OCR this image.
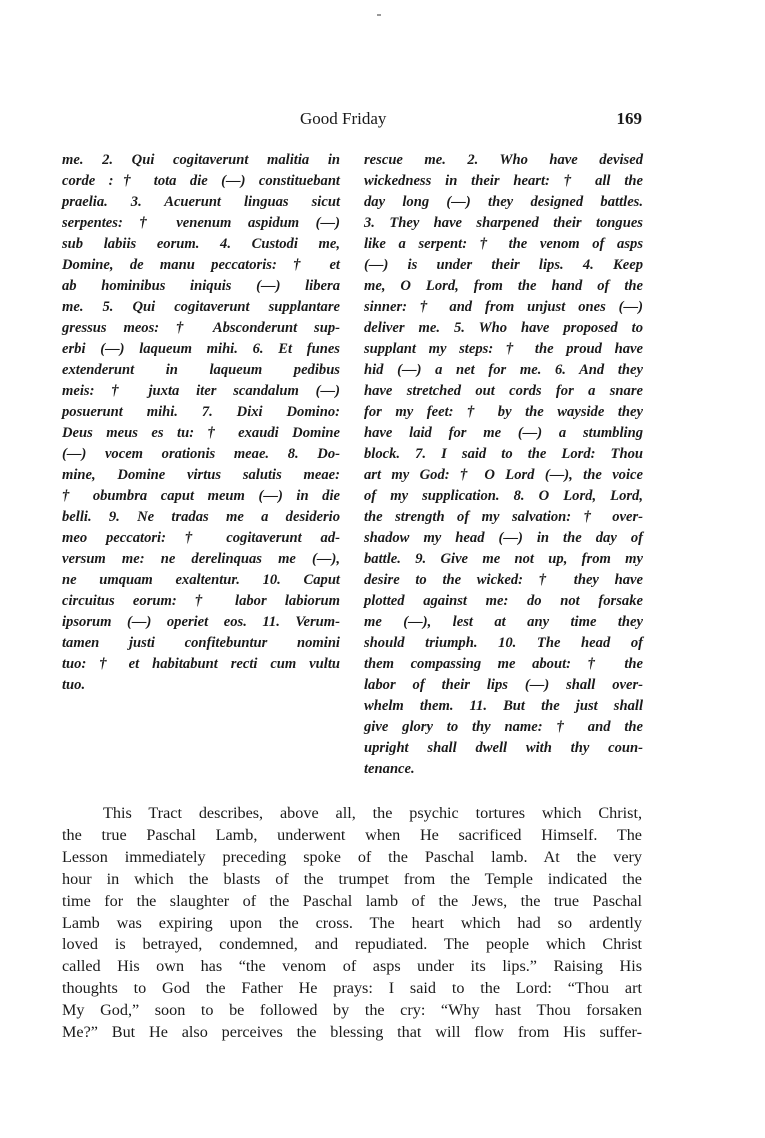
Good Friday	169
me. 2. Qui cogitaverunt malitia in
corde :† tota die (—) constituebant
praelia. 3. Acuerunt linguas sicut
serpentes: † venenum aspidum (—)
sub labiis eorum. 4. Custodi me,
Domine, de manu peccatoris: † et
ab hominibus iniquis (—) libera
me. 5. Qui cogitaverunt supplantare
gressus meos: † Absconderunt sup-
erbi (—) laqueum mihi. 6. Et funes
extenderunt in laqueum pedibus
meis: † juxta iter scandalum (—)
posuerunt mihi. 7. Dixi Domino:
Deus meus es tu: † exaudi Domine
(—) vocem orationis meae. 8. Do-
mine, Domine virtus salutis meae:
† obumbra caput meum (—) in die
belli. 9. Ne tradas me a desiderio
meo peccatori: † cogitaverunt ad-
versum me: ne derelinquas me (—),
ne umquam exaltentur. 10. Caput
circuitus eorum: † labor labiorum
ipsorum (—) operiet eos. 11. Verum-
tamen justi confitebuntur nomini
tuo: † et habitabunt recti cum vultu
tuo.
rescue me. 2. Who have devised
wickedness in their heart: † all the
day long (—) they designed battles.
3. They have sharpened their tongues
like a serpent: † the venom of asps
(—) is under their lips. 4. Keep
me, O Lord, from the hand of the
sinner: † and from unjust ones (—)
deliver me. 5. Who have proposed to
supplant my steps: † the proud have
hid (—) a net for me. 6. And they
have stretched out cords for a snare
for my feet: † by the wayside they
have laid for me (—) a stumbling
block. 7. I said to the Lord: Thou
art my God: † O Lord (—), the voice
of my supplication. 8. O Lord, Lord,
the strength of my salvation: † over-
shadow my head (—) in the day of
battle. 9. Give me not up, from my
desire to the wicked: † they have
plotted against me: do not forsake
me (—), lest at any time they
should triumph. 10. The head of
them compassing me about: † the
labor of their lips (—) shall over-
whelm them. 11. But the just shall
give glory to thy name: † and the
upright shall dwell with thy coun-
tenance.
This Tract describes, above all, the psychic tortures which Christ,
the true Paschal Lamb, underwent when He sacrificed Himself. The
Lesson immediately preceding spoke of the Paschal lamb. At the very
hour in which the blasts of the trumpet from the Temple indicated the
time for the slaughter of the Paschal lamb of the Jews, the true Paschal
Lamb was expiring upon the cross. The heart which had so ardently
loved is betrayed, condemned, and repudiated. The people which Christ
called His own has “the venom of asps under its lips.” Raising His
thoughts to God the Father He prays: I said to the Lord: “Thou art
My God,” soon to be followed by the cry: “Why hast Thou forsaken
Me?” But He also perceives the blessing that will flow from His suffer-
